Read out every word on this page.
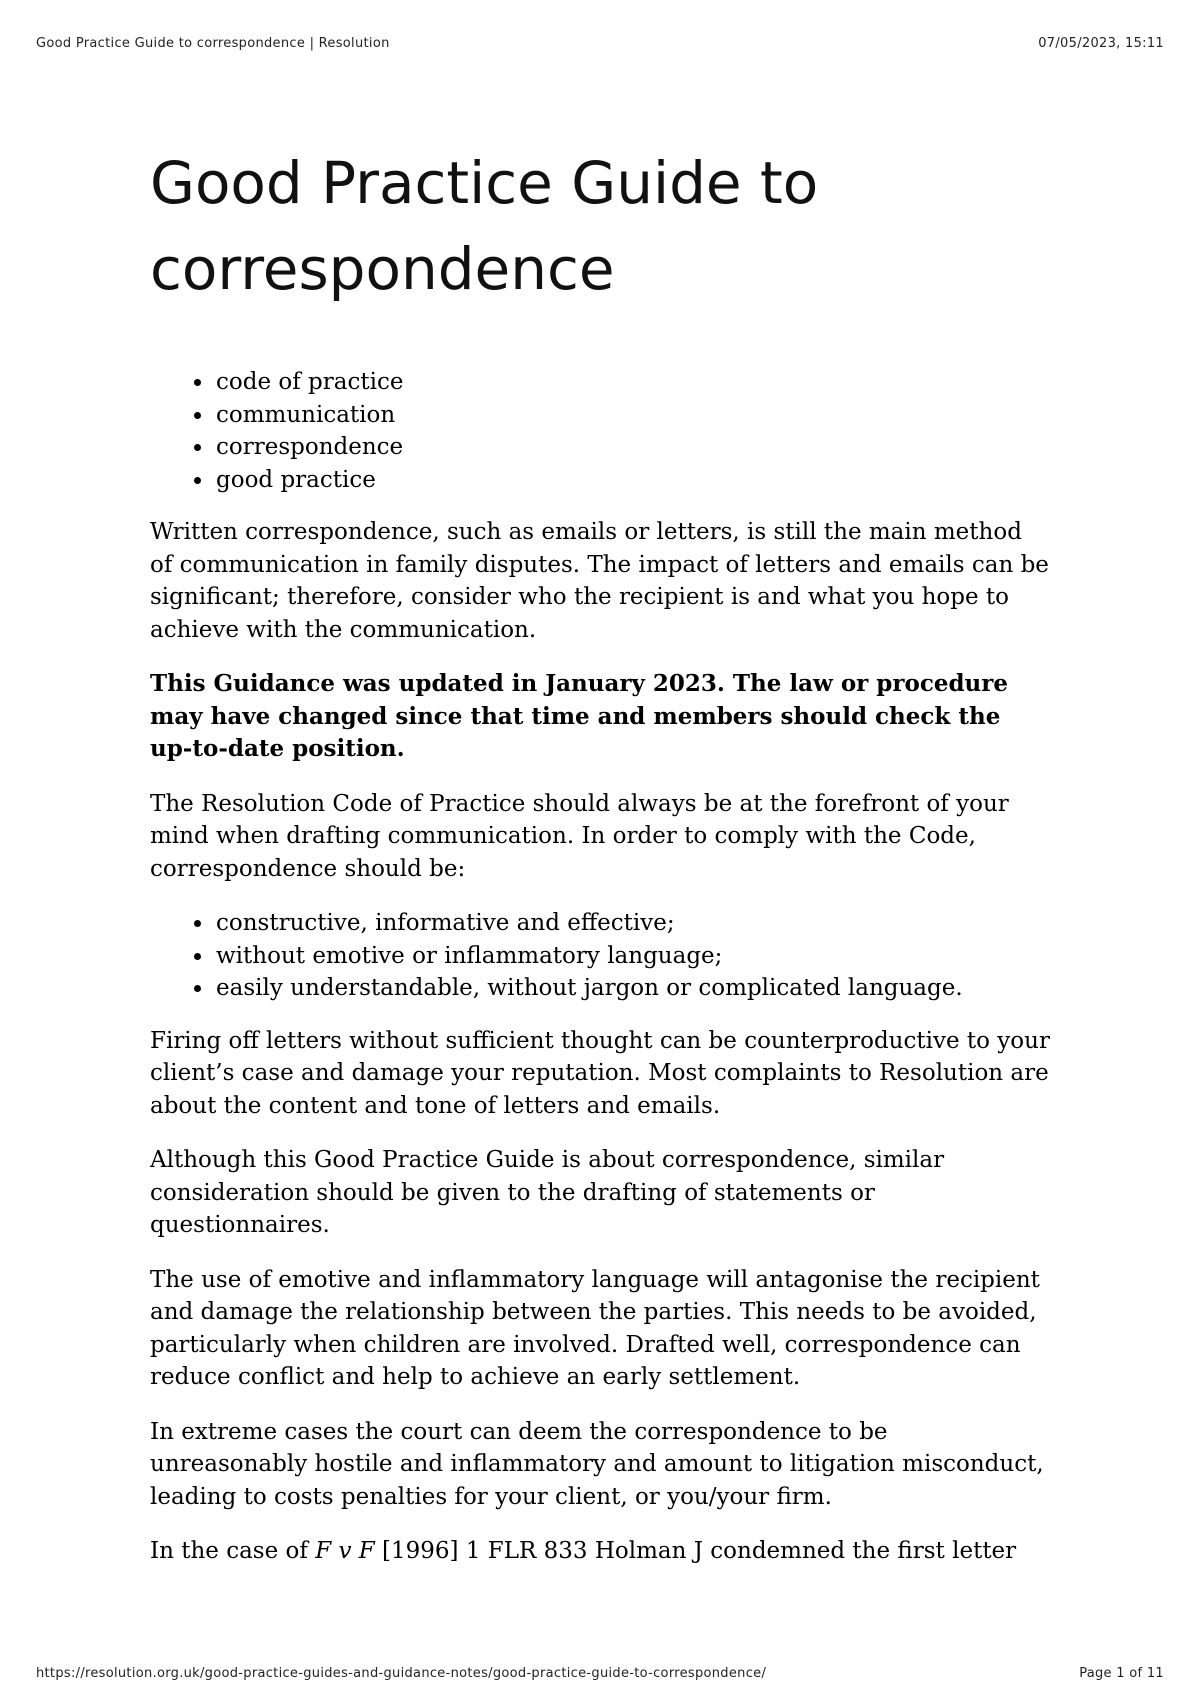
Good Practice Guide to correspondence | Resolution	07/05/2023, 15:11
Good Practice Guide to correspondence
• code of practice
• communication
• correspondence
• good practice

Written correspondence, such as emails or letters, is still the main method of communication in family disputes. The impact of letters and emails can be significant; therefore, consider who the recipient is and what you hope to achieve with the communication.

This Guidance was updated in January 2023. The law or procedure may have changed since that time and members should check the up-to-date position.

The Resolution Code of Practice should always be at the forefront of your mind when drafting communication. In order to comply with the Code, correspondence should be:

• constructive, informative and effective;
• without emotive or inflammatory language;
• easily understandable, without jargon or complicated language.

Firing off letters without sufficient thought can be counterproductive to your client’s case and damage your reputation. Most complaints to Resolution are about the content and tone of letters and emails.

Although this Good Practice Guide is about correspondence, similar consideration should be given to the drafting of statements or questionnaires.

The use of emotive and inflammatory language will antagonise the recipient and damage the relationship between the parties. This needs to be avoided, particularly when children are involved. Drafted well, correspondence can reduce conflict and help to achieve an early settlement.

In extreme cases the court can deem the correspondence to be unreasonably hostile and inflammatory and amount to litigation misconduct, leading to costs penalties for your client, or you/your firm.

In the case of F v F [1996] 1 FLR 833 Holman J condemned the first letter

https://resolution.org.uk/good-practice-guides-and-guidance-notes/good-practice-guide-to-correspondence/	Page 1 of 11
